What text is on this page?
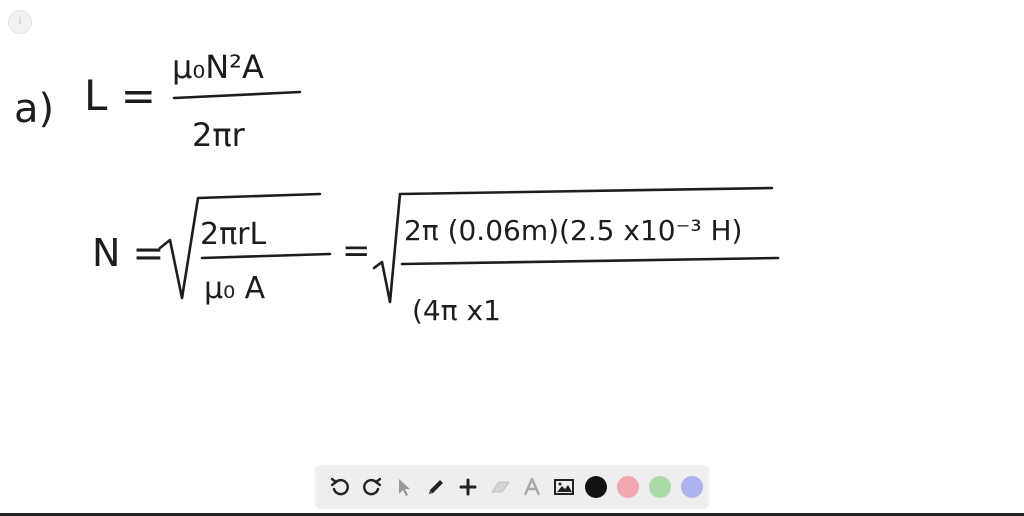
i
a) L =
μ₀N²A
2πr
N = 2πrL
μ₀ A
=
2π (0.06m)(2.5 x10⁻³ H)
(4π x1
